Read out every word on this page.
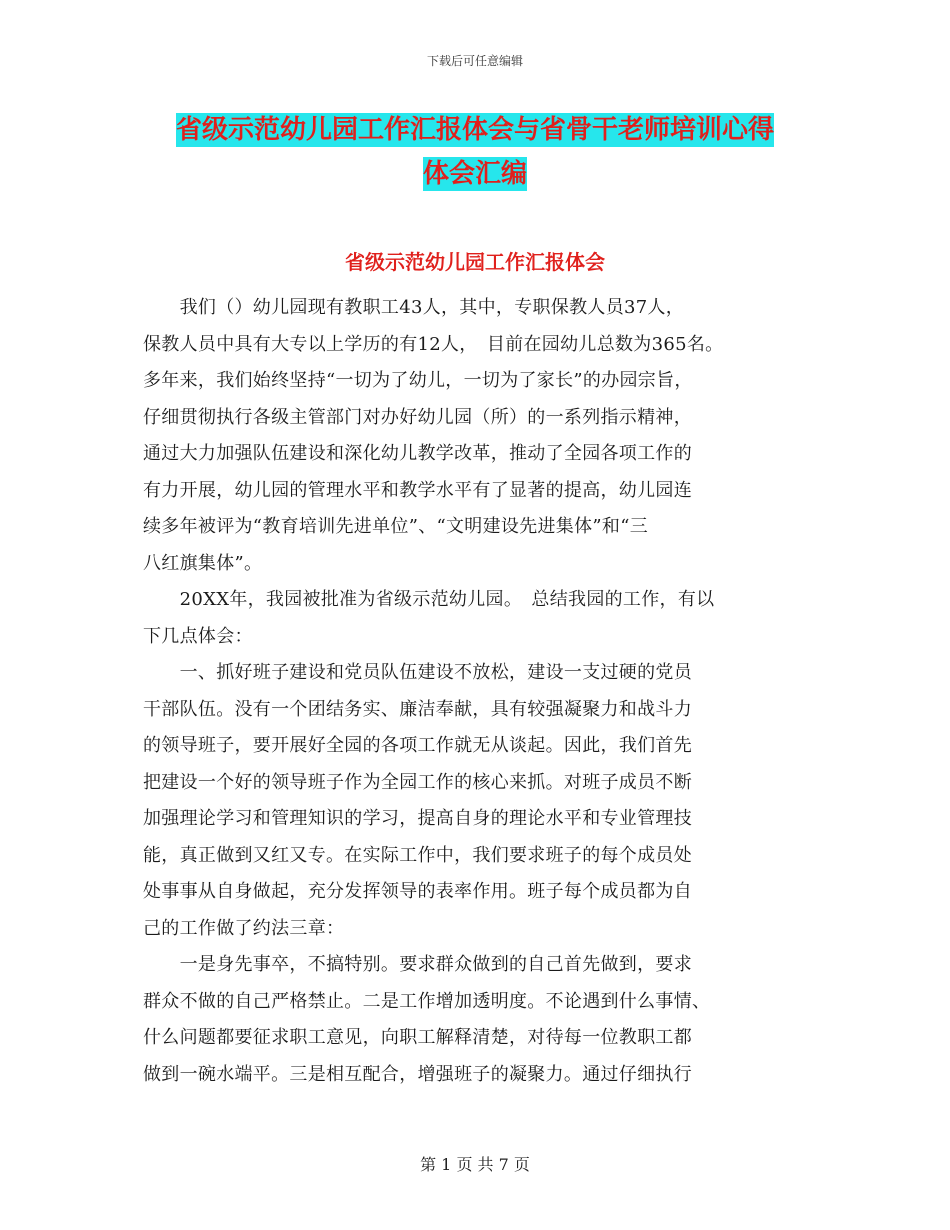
下载后可任意编辑
省级示范幼儿园工作汇报体会与省骨干老师培训心得
体会汇编
省级示范幼儿园工作汇报体会

　　我们（）幼儿园现有教职工43人，其中，专职保教人员37人，

保教人员中具有大专以上学历的有12人，　目前在园幼儿总数为365名。

多年来，我们始终坚持“一切为了幼儿，一切为了家长”的办园宗旨，

仔细贯彻执行各级主管部门对办好幼儿园（所）的一系列指示精神，

通过大力加强队伍建设和深化幼儿教学改革，推动了全园各项工作的

有力开展，幼儿园的管理水平和教学水平有了显著的提高，幼儿园连

续多年被评为“教育培训先进单位”、“文明建设先进集体”和“三

八红旗集体”。

　　20XX年，我园被批准为省级示范幼儿园。　总结我园的工作，有以

下几点体会：

　　一、抓好班子建设和党员队伍建设不放松，建设一支过硬的党员

干部队伍。没有一个团结务实、廉洁奉献，具有较强凝聚力和战斗力

的领导班子，要开展好全园的各项工作就无从谈起。因此，我们首先

把建设一个好的领导班子作为全园工作的核心来抓。对班子成员不断

加强理论学习和管理知识的学习，提高自身的理论水平和专业管理技

能，真正做到又红又专。在实际工作中，我们要求班子的每个成员处

处事事从自身做起，充分发挥领导的表率作用。班子每个成员都为自

己的工作做了约法三章：

　　一是身先事卒，不搞特别。要求群众做到的自己首先做到，要求

群众不做的自己严格禁止。二是工作增加透明度。不论遇到什么事情、

什么问题都要征求职工意见，向职工解释清楚，对待每一位教职工都

做到一碗水端平。三是相互配合，增强班子的凝聚力。通过仔细执行

第 1 页 共 7 页
